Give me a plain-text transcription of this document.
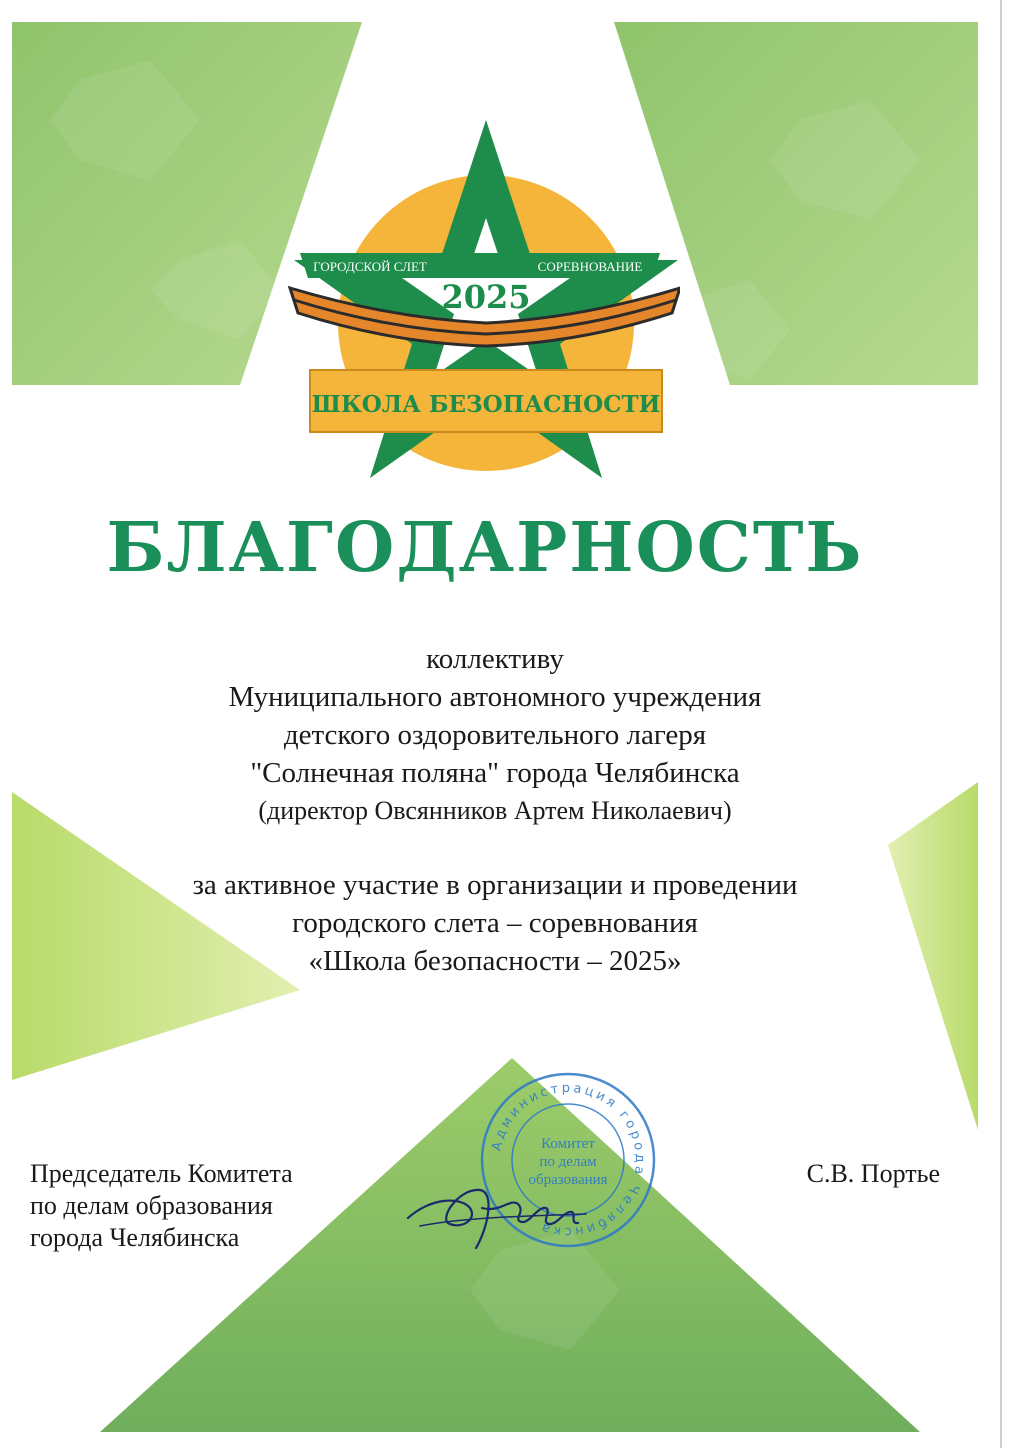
ГОРОДСКОЙ СЛЕТ	СОРЕВНОВАНИЕ
2025
ШКОЛА БЕЗОПАСНОСТИ
БЛАГОДАРНОСТЬ
коллективу
Муниципального автономного учреждения
детского оздоровительного лагеря
"Солнечная поляна" города Челябинска
(директор Овсянников Артем Николаевич)
за активное участие в организации и проведении
городского слета – соревнования
«Школа безопасности – 2025»
Администрация города Челябинска
Комитет
по делам
образования
Председатель Комитета
по делам образования
города Челябинска
С.В. Портье
